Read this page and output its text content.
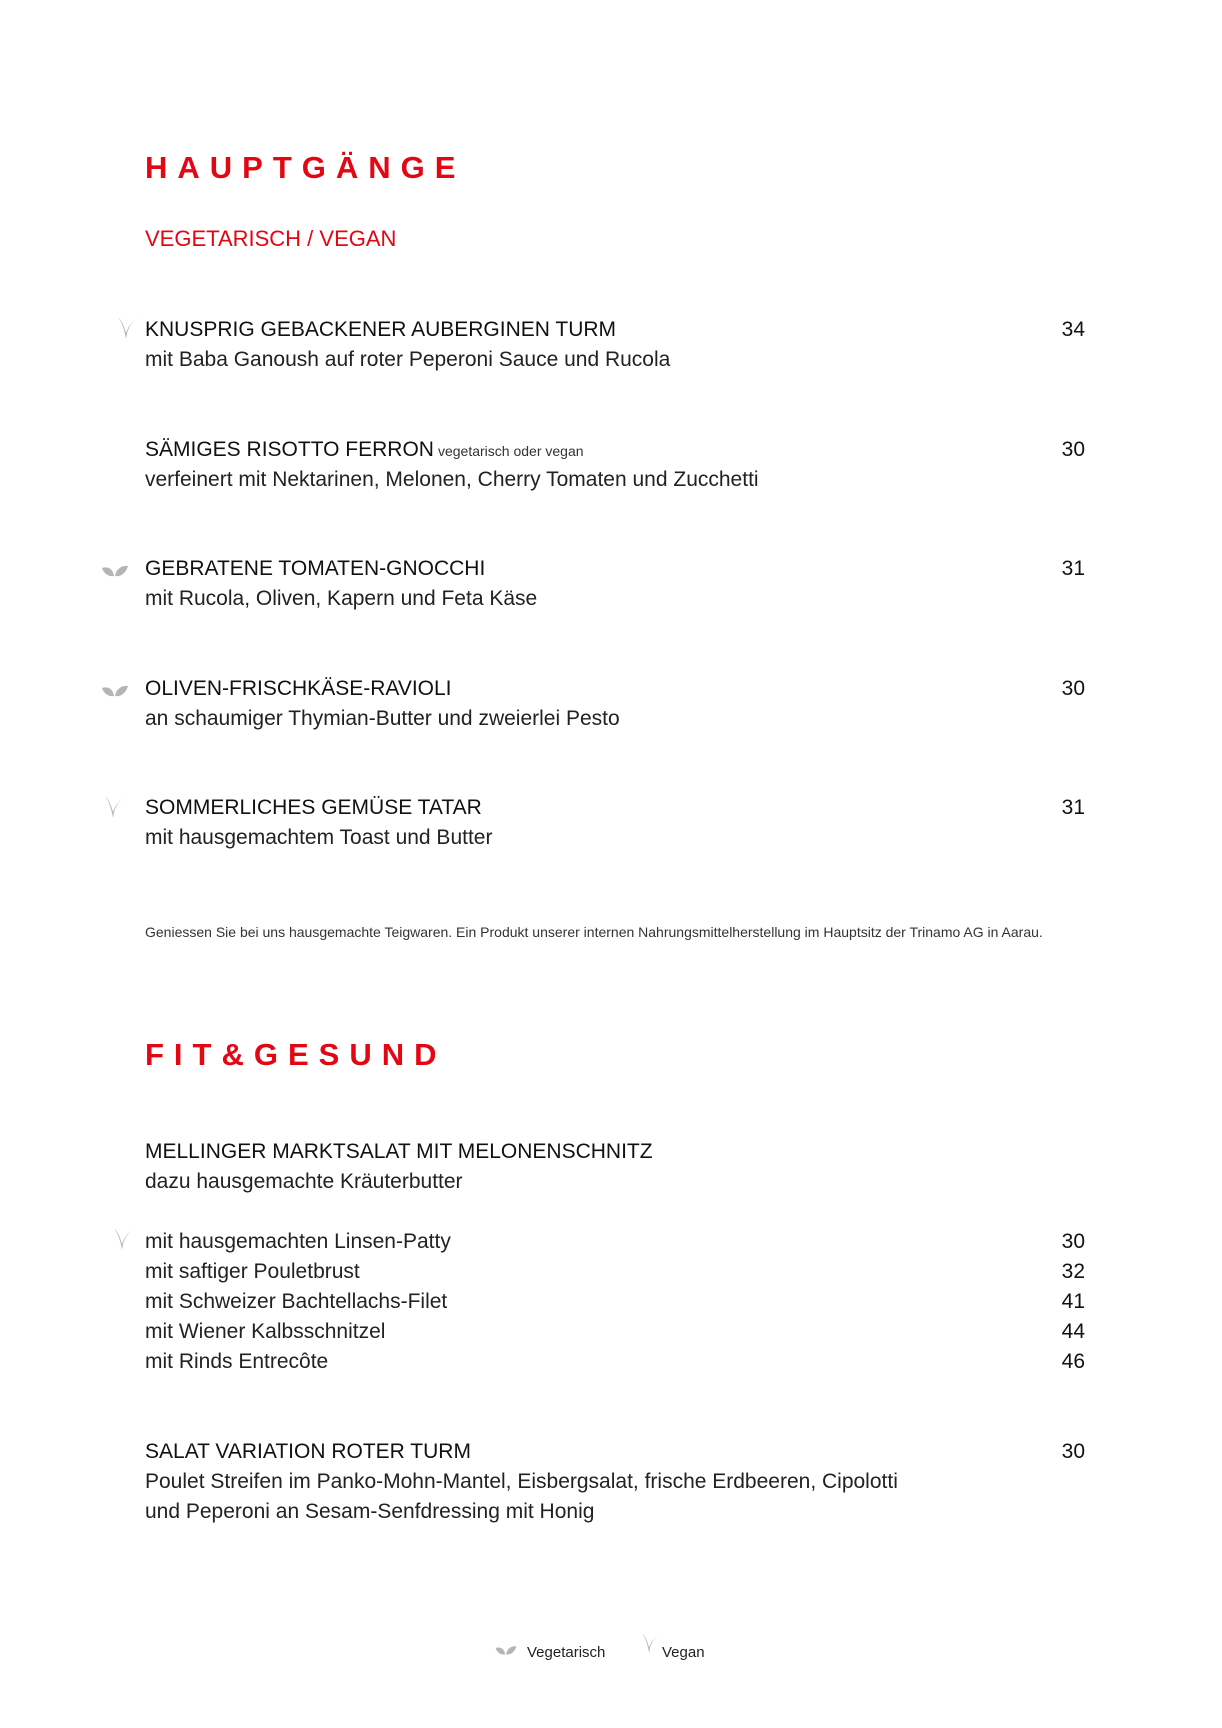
HAUPTGÄNGE
VEGETARISCH / VEGAN
KNUSPRIG GEBACKENER AUBERGINEN TURM	34
mit Baba Ganoush auf roter Peperoni Sauce und Rucola
SÄMIGES RISOTTO FERRON vegetarisch oder vegan	30
verfeinert mit Nektarinen, Melonen, Cherry Tomaten und Zucchetti
GEBRATENE TOMATEN-GNOCCHI	31
mit Rucola, Oliven, Kapern und Feta Käse
OLIVEN-FRISCHKÄSE-RAVIOLI	30
an schaumiger Thymian-Butter und zweierlei Pesto
SOMMERLICHES GEMÜSE TATAR	31
mit hausgemachtem Toast und Butter
Geniessen Sie bei uns hausgemachte Teigwaren. Ein Produkt unserer internen Nahrungsmittelherstellung im Hauptsitz der Trinamo AG in Aarau.
FIT&GESUND
MELLINGER MARKTSALAT MIT MELONENSCHNITZ
dazu hausgemachte Kräuterbutter
mit hausgemachten Linsen-Patty	30
mit saftiger Pouletbrust	32
mit Schweizer Bachtellachs-Filet	41
mit Wiener Kalbsschnitzel	44
mit Rinds Entrecôte	46
SALAT VARIATION ROTER TURM	30
Poulet Streifen im Panko-Mohn-Mantel, Eisbergsalat, frische Erdbeeren, Cipolotti
und Peperoni an Sesam-Senfdressing mit Honig
Vegetarisch	Vegan
